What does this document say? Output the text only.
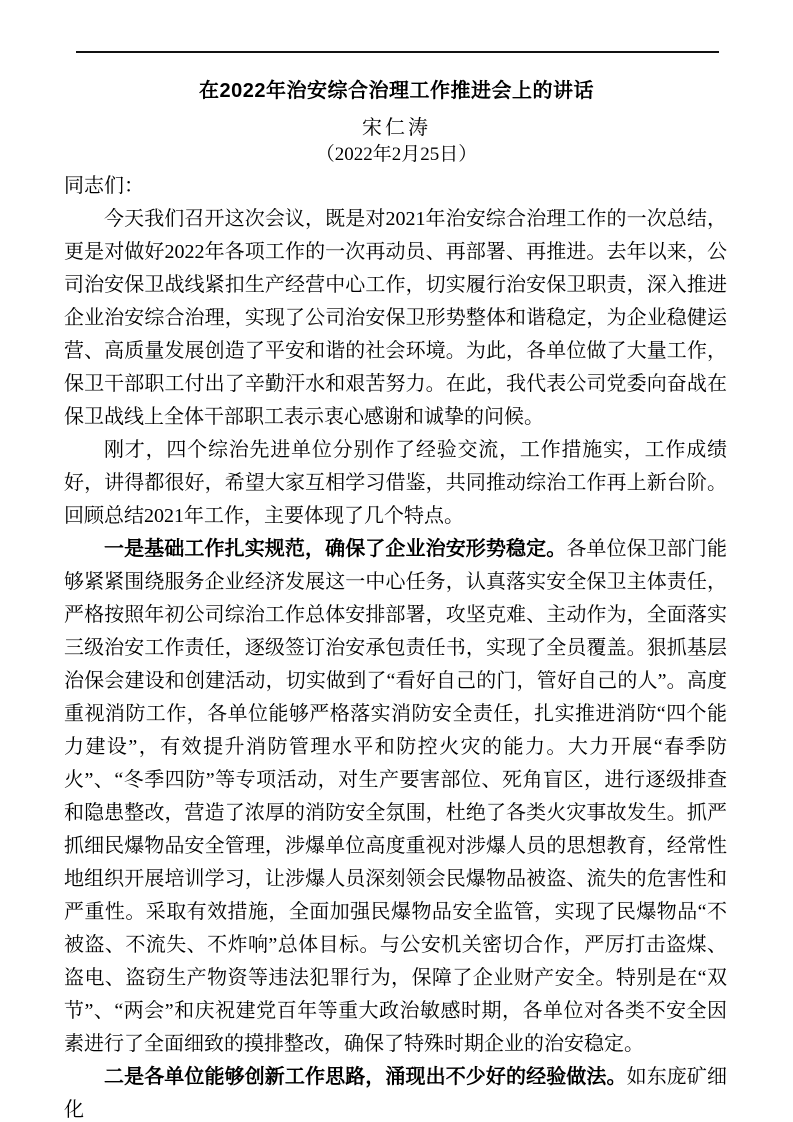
在2022年治安综合治理工作推进会上的讲话
宋仁涛
（2022年2月25日）

同志们：

今天我们召开这次会议，既是对2021年治安综合治理工作的一次总结，更是对做好2022年各项工作的一次再动员、再部署、再推进。去年以来，公司治安保卫战线紧扣生产经营中心工作，切实履行治安保卫职责，深入推进企业治安综合治理，实现了公司治安保卫形势整体和谐稳定，为企业稳健运营、高质量发展创造了平安和谐的社会环境。为此，各单位做了大量工作，保卫干部职工付出了辛勤汗水和艰苦努力。在此，我代表公司党委向奋战在保卫战线上全体干部职工表示衷心感谢和诚挚的问候。

刚才，四个综治先进单位分别作了经验交流，工作措施实，工作成绩好，讲得都很好，希望大家互相学习借鉴，共同推动综治工作再上新台阶。回顾总结2021年工作，主要体现了几个特点。

一是基础工作扎实规范，确保了企业治安形势稳定。各单位保卫部门能够紧紧围绕服务企业经济发展这一中心任务，认真落实安全保卫主体责任，严格按照年初公司综治工作总体安排部署，攻坚克难、主动作为，全面落实三级治安工作责任，逐级签订治安承包责任书，实现了全员覆盖。狠抓基层治保会建设和创建活动，切实做到了“看好自己的门，管好自己的人”。高度重视消防工作，各单位能够严格落实消防安全责任，扎实推进消防“四个能力建设”，有效提升消防管理水平和防控火灾的能力。大力开展“春季防火”、“冬季四防”等专项活动，对生产要害部位、死角盲区，进行逐级排查和隐患整改，营造了浓厚的消防安全氛围，杜绝了各类火灾事故发生。抓严抓细民爆物品安全管理，涉爆单位高度重视对涉爆人员的思想教育，经常性地组织开展培训学习，让涉爆人员深刻领会民爆物品被盗、流失的危害性和严重性。采取有效措施，全面加强民爆物品安全监管，实现了民爆物品“不被盗、不流失、不炸响”总体目标。与公安机关密切合作，严厉打击盗煤、盗电、盗窃生产物资等违法犯罪行为，保障了企业财产安全。特别是在“双节”、“两会”和庆祝建党百年等重大政治敏感时期，各单位对各类不安全因素进行了全面细致的摸排整改，确保了特殊时期企业的治安稳定。

二是各单位能够创新工作思路，涌现出不少好的经验做法。如东庞矿细化
